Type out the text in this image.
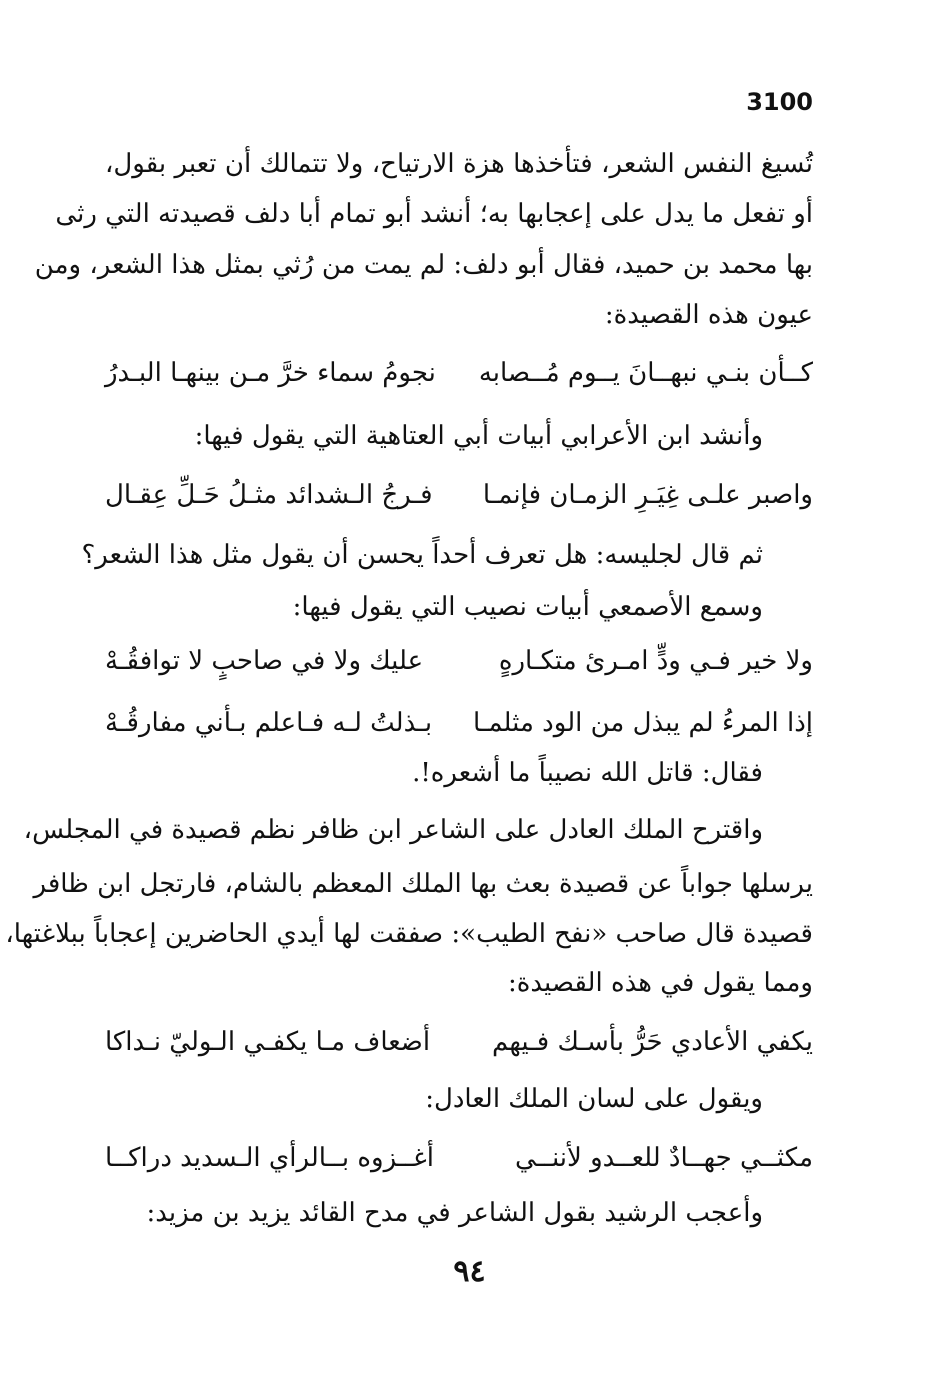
3100
تُسيغ النفس الشعر، فتأخذها هزة الارتياح، ولا تتمالك أن تعبر بقول،
أو تفعل ما يدل على إعجابها به؛ أنشد أبو تمام أبا دلف قصيدته التي رثى
بها محمد بن حميد، فقال أبو دلف: لم يمت من رُثي بمثل هذا الشعر، ومن
عيون هذه القصيدة:
كــأن بنـي نبهــانَ يــوم مُــصابه
نجومُ سماء خرَّ مـن بينهـا البـدرُ
وأنشد ابن الأعرابي أبيات أبي العتاهية التي يقول فيها:
واصبر علـى غِيَـرِ الزمـان فإنمـا
فـرجُ الـشدائد مثـلُ حَـلِّ عِقـال
ثم قال لجليسه: هل تعرف أحداً يحسن أن يقول مثل هذا الشعر؟
وسمع الأصمعي أبيات نصيب التي يقول فيها:
ولا خير فـي ودٍّ امـرئ متكـارهٍ
عليك ولا في صاحبٍ لا توافقُـهْ
إذا المرءُ لم يبذل من الود مثلمـا
بـذلتُ لـه فـاعلم بـأني مفارقُـهْ
فقال: قاتل الله نصيباً ما أشعره!.
واقترح الملك العادل على الشاعر ابن ظافر نظم قصيدة في المجلس،
يرسلها جواباً عن قصيدة بعث بها الملك المعظم بالشام، فارتجل ابن ظافر
قصيدة قال صاحب «نفح الطيب»: صفقت لها أيدي الحاضرين إعجاباً ببلاغتها،
ومما يقول في هذه القصيدة:
يكفي الأعادي حَرُّ بأسـك فـيهم
أضعاف مـا يكفـي الـوليّ نـداكا
ويقول على لسان الملك العادل:
مكثــي جهــادٌ للعــدو لأننــي
أغــزوه بــالرأي الـسديد دراكــا
وأعجب الرشيد بقول الشاعر في مدح القائد يزيد بن مزيد:
٩٤
